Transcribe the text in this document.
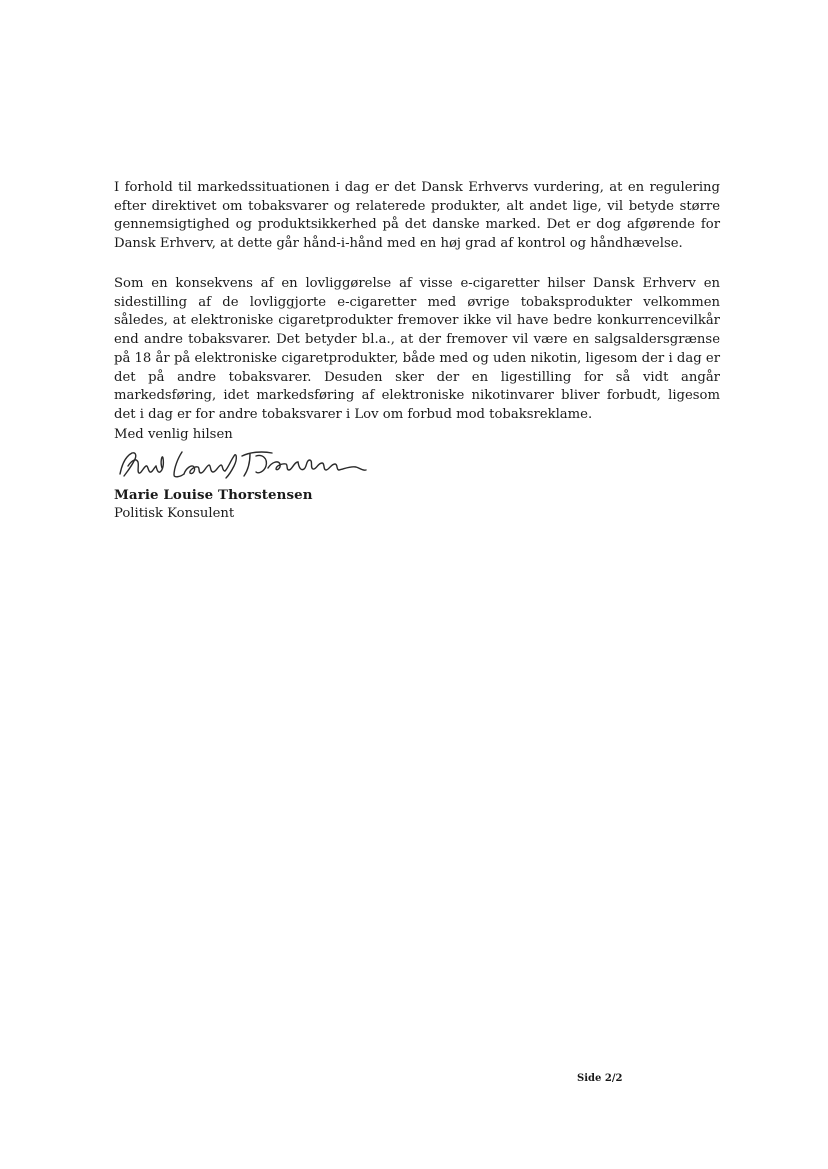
I forhold til markedssituationen i dag er det Dansk Erhvervs vurdering, at en regulering efter direktivet om tobaksvarer og relaterede produkter, alt andet lige, vil betyde større gennemsigtighed og produktsikkerhed på det danske marked. Det er dog afgørende for Dansk Erhverv, at dette går hånd-i-hånd med en høj grad af kontrol og håndhævelse.

Som en konsekvens af en lovliggørelse af visse e-cigaretter hilser Dansk Erhverv en sidestilling af de lovliggjorte e-cigaretter med øvrige tobaksprodukter velkommen således, at elektroniske cigaretprodukter fremover ikke vil have bedre konkurrencevilkår end andre tobaksvarer. Det betyder bl.a., at der fremover vil være en salgsaldersgrænse på 18 år på elektroniske cigaretprodukter, både med og uden nikotin, ligesom der i dag er det på andre tobaksvarer. Desuden sker der en ligestilling for så vidt angår markedsføring, idet markedsføring af elektroniske nikotinvarer bliver forbudt, ligesom det i dag er for andre tobaksvarer i Lov om forbud mod tobaksreklame.

Med venlig hilsen
Marie Louise Thorstensen
Politisk Konsulent
Side 2/2
